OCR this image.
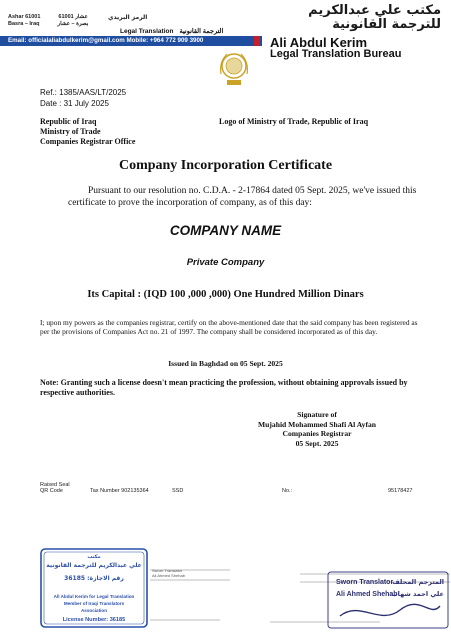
Ashar 61001	عشار 61001
Basra – Iraq	بصرة – عشار
الرمز البريدي
Legal Translation الترجمة القانونية
مكتب علي عبدالكريم
للترجمة القانونية
Email: officialaliabdulkerim@gmail.com Mobile: +964 772 909 3900	Ali Abdul Kerim
Legal Translation Bureau
Ref.: 1385/AAS/LT/2025
Date : 31 July 2025
Republic of Iraq
Ministry of Trade
Companies Registrar Office
Logo of Ministry of Trade, Republic of Iraq
Company Incorporation Certificate
Pursuant to our resolution no. C.D.A. - 2-17864 dated 05 Sept. 2025, we've issued this certificate to prove the incorporation of company, as of this day:
COMPANY NAME
Private Company
Its Capital : (IQD 100 ,000 ,000) One Hundred Million Dinars
I; upon my powers as the companies registrar, certify on the above-mentioned date that the said company has been registered as per the provisions of Companies Act no. 21 of 1997. The company shall be considered incorporated as of this day.
Issued in Baghdad on 05 Sept. 2025
Note: Granting such a license doesn't mean practicing the profession, without obtaining approvals issued by respective authorities.
Signature of
Mujahid Mohammed Shafi Al Ayfan
Companies Registrar
05 Sept. 2025
Raised Seal
QR Code	Tax Number 902135364	SSD	No.:	95178427
مكتب
علي عبدالكريم للترجمة القانونية
رقم الاجازة: 36185
All Abdul Kerim for Legal Translation
Member of Iraqi Translators
Association
License Number: 36185
Sworn Translator
Ali Ahmed Shehab
Sworn Translator
Ali Ahmed Shehab
المترجم المحلف
علي احمد شهاب
